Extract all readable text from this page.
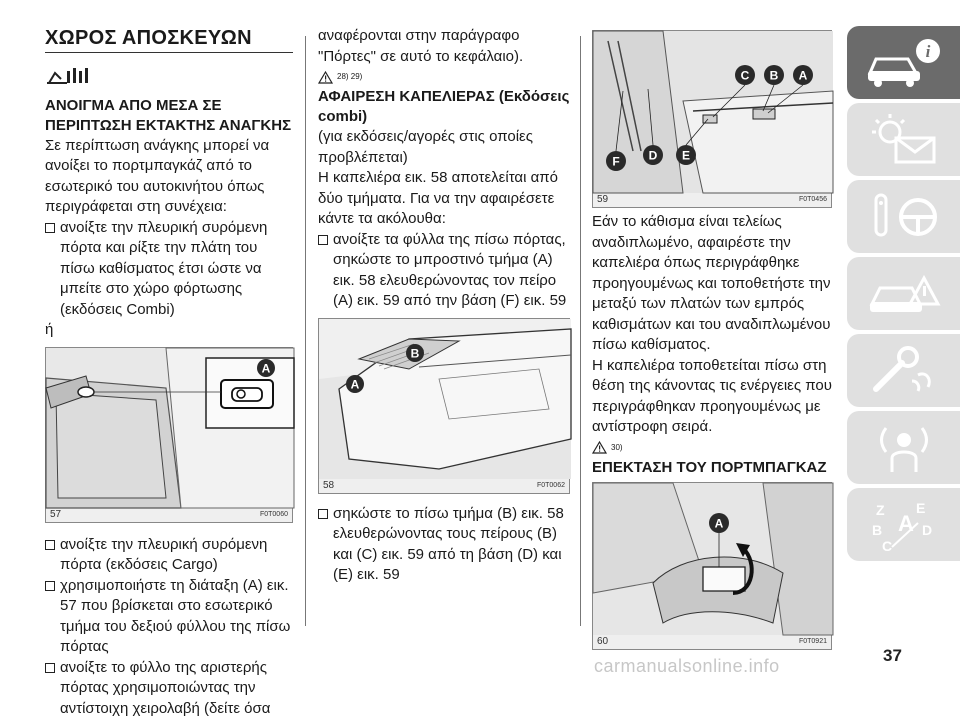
ΧΩΡΟΣ ΑΠΟΣΚΕΥΩΝ
ΑΝΟΙΓΜΑ ΑΠΟ ΜΕΣΑ ΣΕ ΠΕΡΙΠΤΩΣΗ ΕΚΤΑΚΤΗΣ ΑΝΑΓΚΗΣ

Σε περίπτωση ανάγκης μπορεί να ανοίξει το πορτμπαγκάζ από το εσωτερικό του αυτοκινήτου όπως περιγράφεται στη συνέχεια:

ανοίξτε την πλευρική συρόμενη πόρτα και ρίξτε την πλάτη του πίσω καθίσματος έτσι ώστε να μπείτε στο χώρο φόρτωσης (εκδόσεις Combi)

ή

A
57	F0T0060
ανοίξτε την πλευρική συρόμενη πόρτα (εκδόσεις Cargo)
χρησιμοποιήστε τη διάταξη (A) εικ. 57 που βρίσκεται στο εσωτερικό τμήμα του δεξιού φύλλου της πίσω πόρτας
ανοίξτε το φύλλο της αριστερής πόρτας χρησιμοποιώντας την αντίστοιχη χειρολαβή (δείτε όσα

αναφέρονται στην παράγραφο "Πόρτες" σε αυτό το κεφάλαιο).

28) 29)
ΑΦΑΙΡΕΣΗ ΚΑΠΕΛΙΕΡΑΣ (Εκδόσεις combi)

(για εκδόσεις/αγορές στις οποίες προβλέπεται)

Η καπελιέρα εικ. 58 αποτελείται από δύο τμήματα. Για να την αφαιρέσετε κάντε τα ακόλουθα:

ανοίξτε τα φύλλα της πίσω πόρτας, σηκώστε το μπροστινό τμήμα (A) εικ. 58 ελευθερώνοντας τον πείρο (A) εικ. 59 από την βάση (F) εικ. 59
B
A
58	F0T0062
σηκώστε το πίσω τμήμα (B) εικ. 58 ελευθερώνοντας τους πείρους (B) και (C) εικ. 59 από τη βάση (D) και (E) εικ. 59
C B A
F D E
59	F0T0456

Εάν το κάθισμα είναι τελείως αναδιπλωμένο, αφαιρέστε την καπελιέρα όπως περιγράφθηκε προηγουμένως και τοποθετήστε την μεταξύ των πλατών των εμπρός καθισμάτων και του αναδιπλωμένου πίσω καθίσματος.

Η καπελιέρα τοποθετείται πίσω στη θέση της κάνοντας τις ενέργειες που περιγράφθηκαν προηγουμένως με αντίστροφη σειρά.

30)
ΕΠΕΚΤΑΣΗ ΤΟΥ ΠΟΡΤΜΠΑΓΚΑΖ
A
60	F0T0921
i
Z E
B A D
C
37
carmanualsonline.info
